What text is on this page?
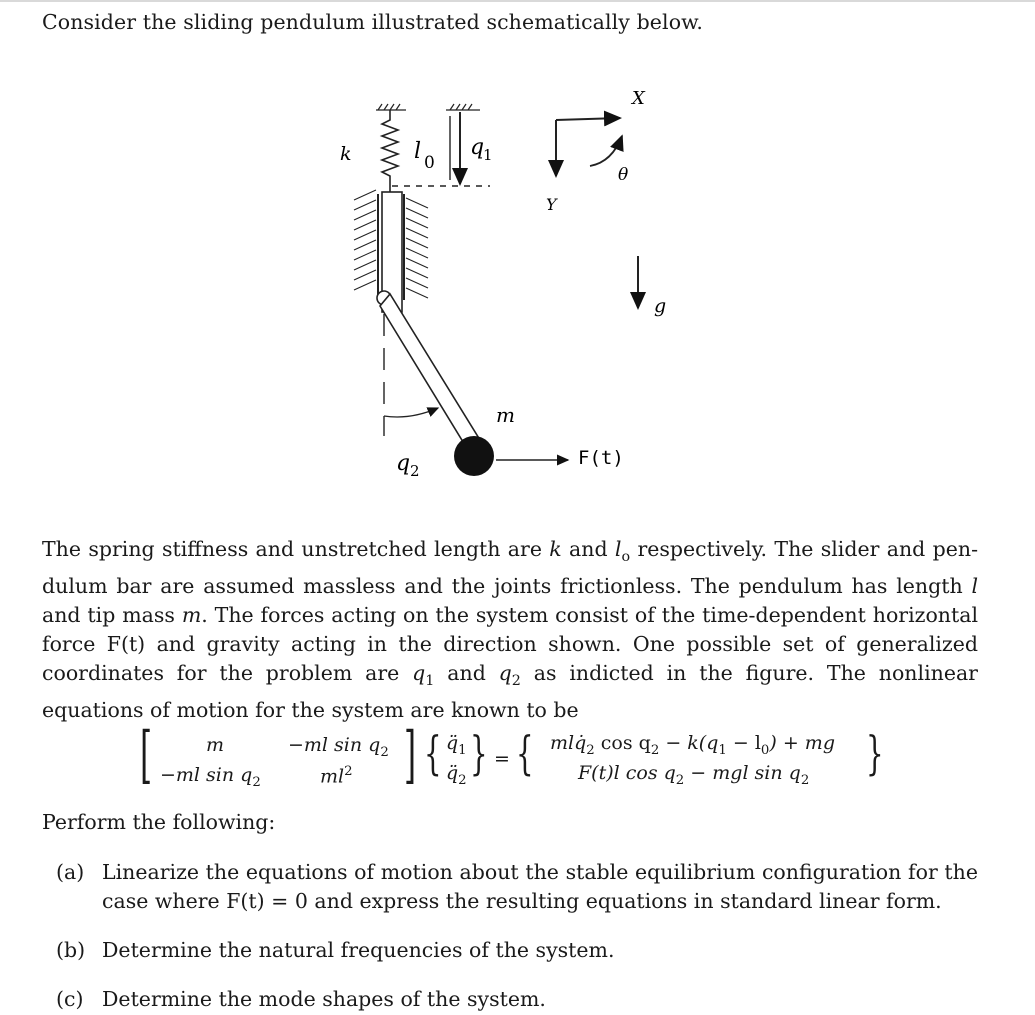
Consider the sliding pendulum illustrated schematically below.
k	l 0
q
1
q 2
m
F(t)
X
Y
θ
g
The spring stiffness and unstretched length are k and $l_o$ respectively. The slider and pen-dulum bar are assumed massless and the joints frictionless. The pendulum has length l and tip mass m. The forces acting on the system consist of the time-dependent horizontal force F(t) and gravity acting in the direction shown. One possible set of generalized coordinates for the problem are $q_1$ and $q_2$ as indicted in the figure. The nonlinear equations of motion for the system are known to be
[	m	−ml $\sin q_2$
−ml $\sin q_2$	$ml^2$ ] { $q̈_1$
$q̈_2$
} = { $mlq̇_2$ $\cos q_2 - k(q_1 - l_0)$ + mg
F(t)l $\cos q_2$ − mgl $\sin q_2$
}
Perform the following:
(a) Linearize the equations of motion about the stable equilibrium configuration for the case where F(t) = 0 and express the resulting equations in standard linear form.
(b) Determine the natural frequencies of the system.
(c) Determine the mode shapes of the system.
